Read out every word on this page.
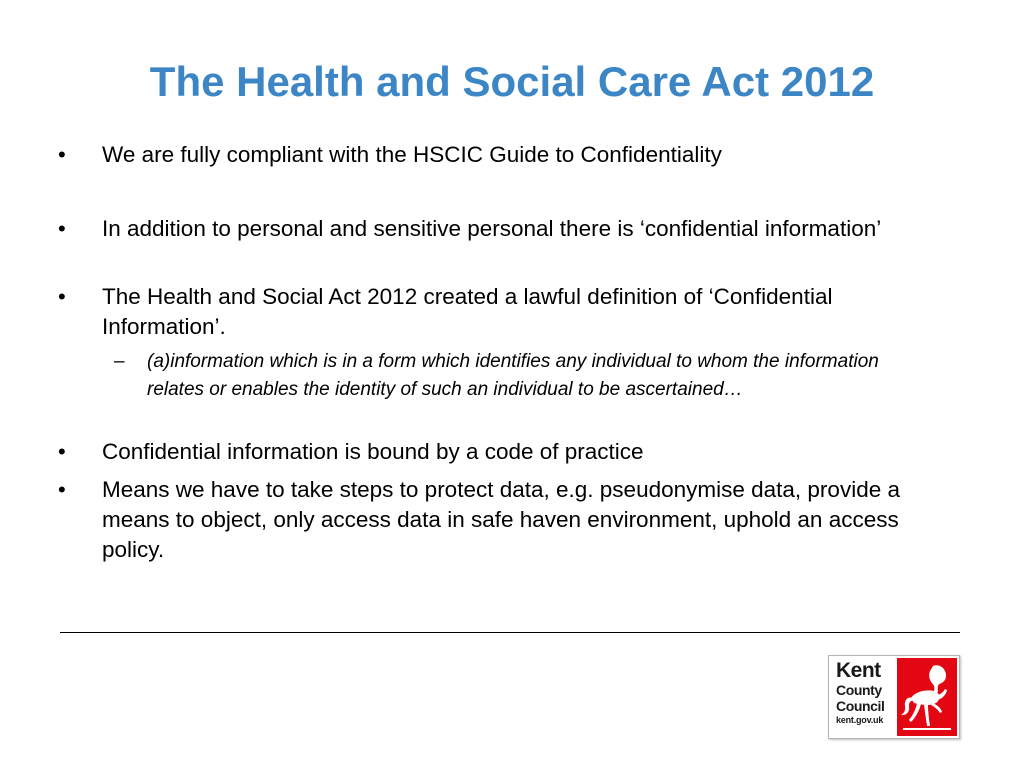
The Health and Social Care Act 2012
• We are fully compliant with the HSCIC Guide to Confidentiality
• In addition to personal and sensitive personal there is ‘confidential information’
• The Health and Social Act 2012 created a lawful definition of ‘Confidential Information’.
– (a)information which is in a form which identifies any individual to whom the information relates or enables the identity of such an individual to be ascertained…
• Confidential information is bound by a code of practice
• Means we have to take steps to protect data, e.g. pseudonymise data, provide a means to object, only access data in safe haven environment, uphold an access policy.
Kent
County
Council
kent.gov.uk
